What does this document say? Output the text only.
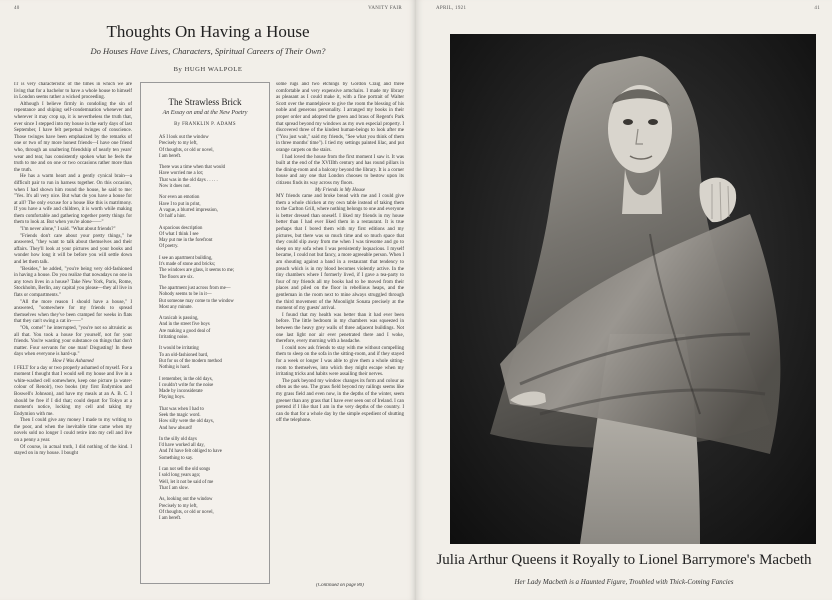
40	VANITY FAIR
Thoughts On Having a House
Do Houses Have Lives, Characters, Spiritual Careers of Their Own?
By HUGH WALPOLE

IT is very characteristic of the times in which we are living that for a bachelor to have a whole house to himself in London seems rather a wicked proceeding.

Although I believe firmly in condoling the sin of repentance and shiping self-condemnation whenever and wherever it may crop up, it is nevertheless the truth that, ever since I stepped into my house in the early days of last September, I have felt perpetual twinges of conscience. Those twinges have been emphasized by the remarks of one or two of my more honest friends—I have one friend who, through an unaltering friendship of nearly ten years' wear and tear, has consistently spoken what he feels the truth to me and on one or two occasions rather more than the truth.

He has a warm heart and a gently cynical brain—a difficult pair to run in harness together. On this occasion, when I had shown him round the house, he said to me: "Yes. It's all very nice. But what do you have a house for at all? The only excuse for a house like this is matrimony. If you have a wife and children, it is worth while making them comfortable and gathering together pretty things for them to look at. But when you're alone——"

"I'm never alone," I said. "What about friends?"

"Friends don't care about your pretty things," he answered, "they want to talk about themselves and their affairs. They'll look at your pictures and your books and wonder how long it will be before you will settle down and let them talk.

"Besides," he added, "you're being very old-fashioned in having a house. Do you realize that nowadays no one in any town lives in a house? Take New York, Paris, Rome, Stockholm, Berlin, any capital you please—they all live in flats or compartments."

"All the more reason I should have a house," I answered, "somewhere for my friends to spread themselves when they've been cramped for weeks in flats that they can't swing a cat in——"

"Oh, come!" he interrupted, "you're not so altruistic as all that. You took a house for yourself, not for your friends. You're wasting your substance on things that don't matter. Four servants for one man! Disgusting! In these days when everyone is hard-up."

How I Was Ashamed

I FELT for a day or two properly ashamed of myself. For a moment I thought that I would sell my house and live in a white-washed cell somewhere, keep one picture (a water-colour of Renoir), two books (my first Endymion and Boswell's Johnson), and have my meals at an A. B. C. I should be free if I did that; could depart for Tokyo at a moment's notice, locking my cell and taking my Endymion with me.

Then I could give any money I made to my writing to the poor, and when the inevitable time came when my novels sold no longer I could retire into my cell and live on a penny a year.

Of course, in actual truth, I did nothing of the kind. I stayed on in my house. I bought

The Strawless Brick
An Essay on and at the New Poetry
By FRANKLIN P. ADAMS
AS I look out the window
Precisely to my left,
Of thoughts, or old or novel,
I am bereft.
There was a time when that would
Have worried me a lot;
That was in the old days . . . . .
Now it does not.
Nor even an emotion
Have I to put in print,
A vague, a blurred impression,
Or half a hint.
A spacious description
Of what I think I see
May put me in the forefront
Of poetry.
I see an apartment building,
It's made of stone and bricks;
The windows are glass, it seems to me;
The floors are six.
The apartment just across from me—
Nobody seems to be in it—
But someone may come to the window
Most any minute.
A taxicab is passing,
And in the street five boys
Are making a good deal of
Irritating noise.
It would be irritating
To an old-fashioned bard,
But for us of the modern method
Nothing is hard.
I remember, in the old days,
I couldn't write for the noise
Made by inconsiderate
Playing boys.
That was when I had to
Seek the magic word.
How silly were the old days,
And how absurd!
In the silly old days
I'd have worked all day,
And I'd have felt obliged to have
Something to say.
I can not sell the old songs
I sold long years ago;
Well, let it not be said of me
That I am slow.
As, looking out the window
Precisely to my left,
Of thoughts, or old or novel,
I am bereft.

some rugs and two etchings by Gordon Craig and three comfortable and very expensive armchairs. I made my library as pleasant as I could make it, with a fine portrait of Walter Scott over the mantelpiece to give the room the blessing of his noble and generous personality. I arranged my books in their proper order and adopted the green and brass of Regent's Park that spread beyond my windows as my own especial property. I discovered three of the kindest human-beings to look after me ("You just wait," said my friends, "See what you think of them in three months' time"). I tied my settings painted lilac, and put orange carpets on the stairs.

I had loved the house from the first moment I saw it. It was built at the end of the XVIIIth century and has round pillars in the dining-room and a balcony beyond the library. It is a corner house and any one that London chooses to bestow upon its citizens finds its way across my floors.

My Friends in My House

MY friends came and broke bread with me and I could give them a whole chicken at my own table instead of taking them to the Carlton Grill, where nothing belongs to one and everyone is better dressed than oneself. I liked my friends in my house better than I had ever liked them in a restaurant. It is true perhaps that I bored them with my first editions and my pictures, but there was so much time and so much space that they could slip away from me when I was tiresome and go to sleep on my sofa when I was persistently loquacious. I myself became, I could not but fancy, a more agreeable person. When I am shouting against a band in a restaurant that tendency to preach which is in my blood becomes violently active. In the tiny chambers where I formerly lived, if I gave a tea-party to four of my friends all my books had to be moved from their places and piled on the floor in rebellious heaps, and the gentleman in the room next to mine always struggled through the third movement of the Moonlight Sonata precisely at the moment of my guests' arrival.

I found that my health was better than it had ever been before. The little bedroom in my chambers was squeezed in between the heavy grey walls of three adjacent buildings. Not one last light nor air ever penetrated there and I woke, therefore, every morning with a headache.

I could now ask friends to stay with me without compelling them to sleep on the sofa in the sitting-room, and if they stayed for a week or longer I was able to give them a whole sitting-room to themselves, into which they might escape when my irritating tricks and habits were assailing their nerves.

The park beyond my window changes its form and colour as often as the sea. The grass field beyond my railings seems like my grass field and even now, in the depths of the winter, seem greener than any grass that I have ever seen out of Ireland. I can pretend if I like that I am in the very depths of the country. I can do that for a whole day by the simple expedient of shutting off the telephone.

(Continued on page 80)
APRIL, 1921	41
Julia Arthur Queens it Royally to Lionel Barrymore's Macbeth
Her Lady Macbeth is a Haunted Figure, Troubled with Thick-Coming Fancies
